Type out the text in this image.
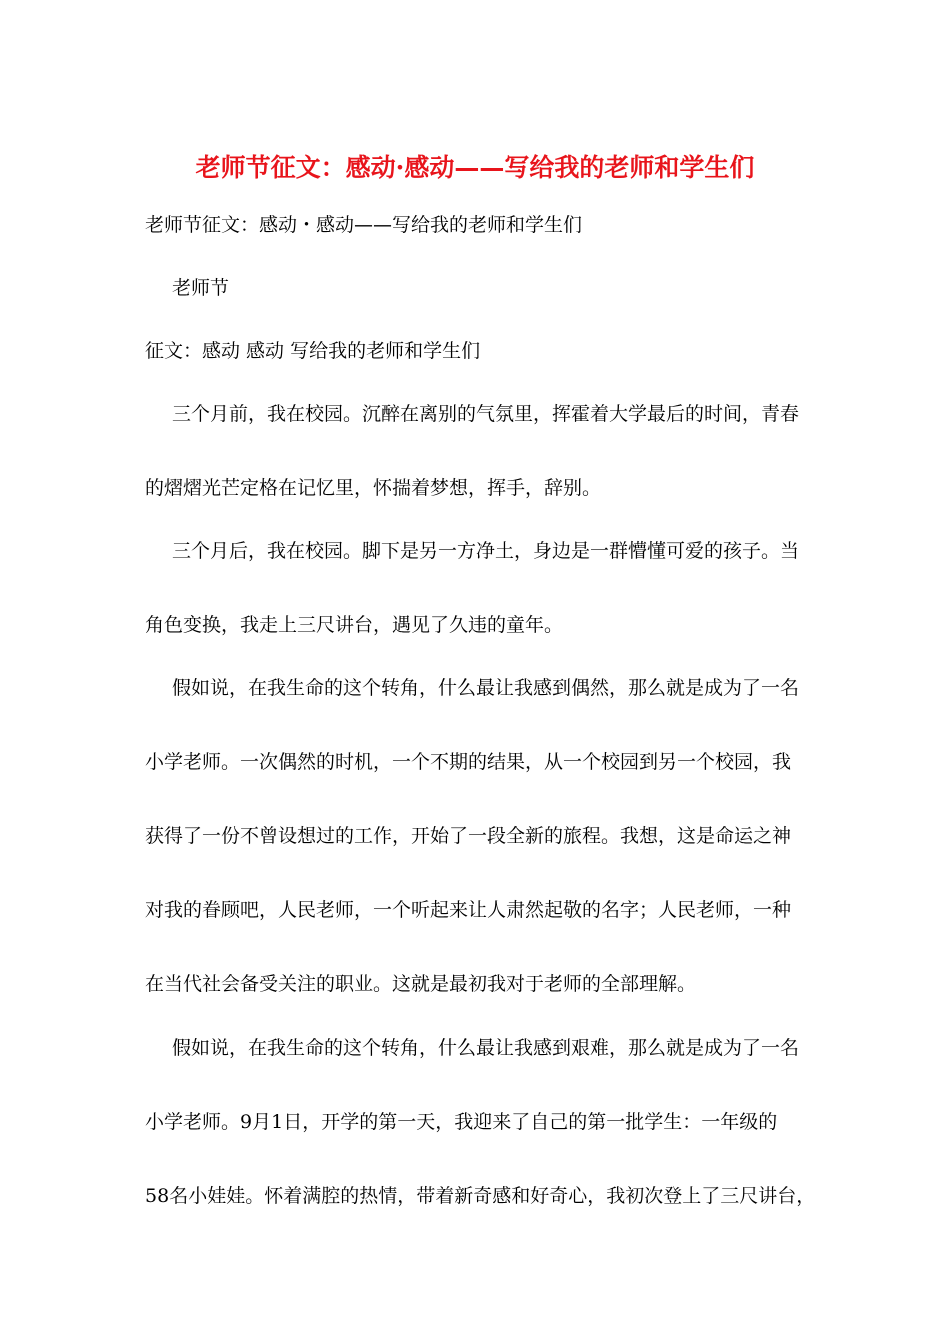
老师节征文：感动·感动——写给我的老师和学生们
老师节征文：感动・感动——写给我的老师和学生们
老师节
征文：感动 感动 写给我的老师和学生们
三个月前，我在校园。沉醉在离别的气氛里，挥霍着大学最后的时间，青春
的熠熠光芒定格在记忆里，怀揣着梦想，挥手，辞别。
三个月后，我在校园。脚下是另一方净土，身边是一群懵懂可爱的孩子。当
角色变换，我走上三尺讲台，遇见了久违的童年。
假如说，在我生命的这个转角，什么最让我感到偶然，那么就是成为了一名
小学老师。一次偶然的时机，一个不期的结果，从一个校园到另一个校园，我
获得了一份不曾设想过的工作，开始了一段全新的旅程。我想，这是命运之神
对我的眷顾吧，人民老师，一个听起来让人肃然起敬的名字；人民老师，一种
在当代社会备受关注的职业。这就是最初我对于老师的全部理解。
假如说，在我生命的这个转角，什么最让我感到艰难，那么就是成为了一名
小学老师。9月1日，开学的第一天，我迎来了自己的第一批学生：一年级的
58名小娃娃。怀着满腔的热情，带着新奇感和好奇心，我初次登上了三尺讲台，
